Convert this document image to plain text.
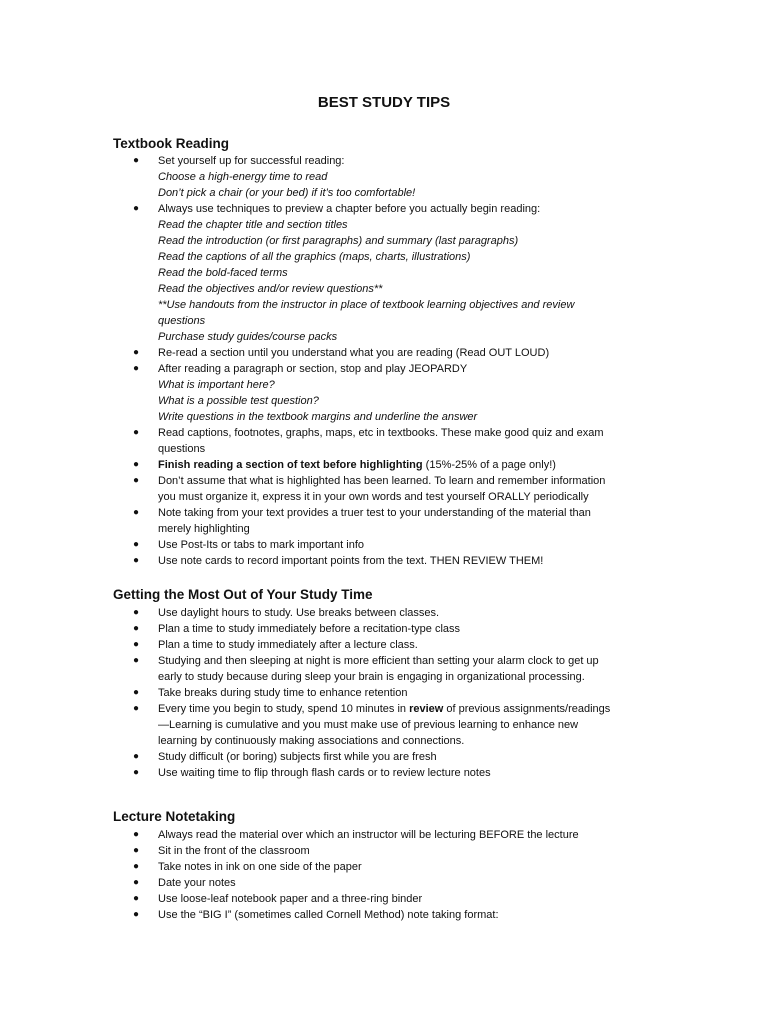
BEST STUDY TIPS
Textbook Reading
● Set yourself up for successful reading:
Choose a high-energy time to read
Don’t pick a chair (or your bed) if it’s too comfortable!
● Always use techniques to preview a chapter before you actually begin reading:
Read the chapter title and section titles
Read the introduction (or first paragraphs) and summary (last paragraphs)
Read the captions of all the graphics (maps, charts, illustrations)
Read the bold-faced terms
Read the objectives and/or review questions**
**Use handouts from the instructor in place of textbook learning objectives and review questions
Purchase study guides/course packs
● Re-read a section until you understand what you are reading (Read OUT LOUD)
● After reading a paragraph or section, stop and play JEOPARDY
What is important here?
What is a possible test question?
Write questions in the textbook margins and underline the answer
● Read captions, footnotes, graphs, maps, etc in textbooks. These make good quiz and exam questions
● Finish reading a section of text before highlighting (15%-25% of a page only!)
● Don’t assume that what is highlighted has been learned. To learn and remember information you must organize it, express it in your own words and test yourself ORALLY periodically
● Note taking from your text provides a truer test to your understanding of the material than merely highlighting
● Use Post-Its or tabs to mark important info
● Use note cards to record important points from the text. THEN REVIEW THEM!
Getting the Most Out of Your Study Time
● Use daylight hours to study. Use breaks between classes.
● Plan a time to study immediately before a recitation-type class
● Plan a time to study immediately after a lecture class.
● Studying and then sleeping at night is more efficient than setting your alarm clock to get up early to study because during sleep your brain is engaging in organizational processing.
● Take breaks during study time to enhance retention
● Every time you begin to study, spend 10 minutes in review of previous assignments/readings—Learning is cumulative and you must make use of previous learning to enhance new learning by continuously making associations and connections.
● Study difficult (or boring) subjects first while you are fresh
● Use waiting time to flip through flash cards or to review lecture notes
Lecture Notetaking
● Always read the material over which an instructor will be lecturing BEFORE the lecture
● Sit in the front of the classroom
● Take notes in ink on one side of the paper
● Date your notes
● Use loose-leaf notebook paper and a three-ring binder
● Use the “BIG I” (sometimes called Cornell Method) note taking format:
